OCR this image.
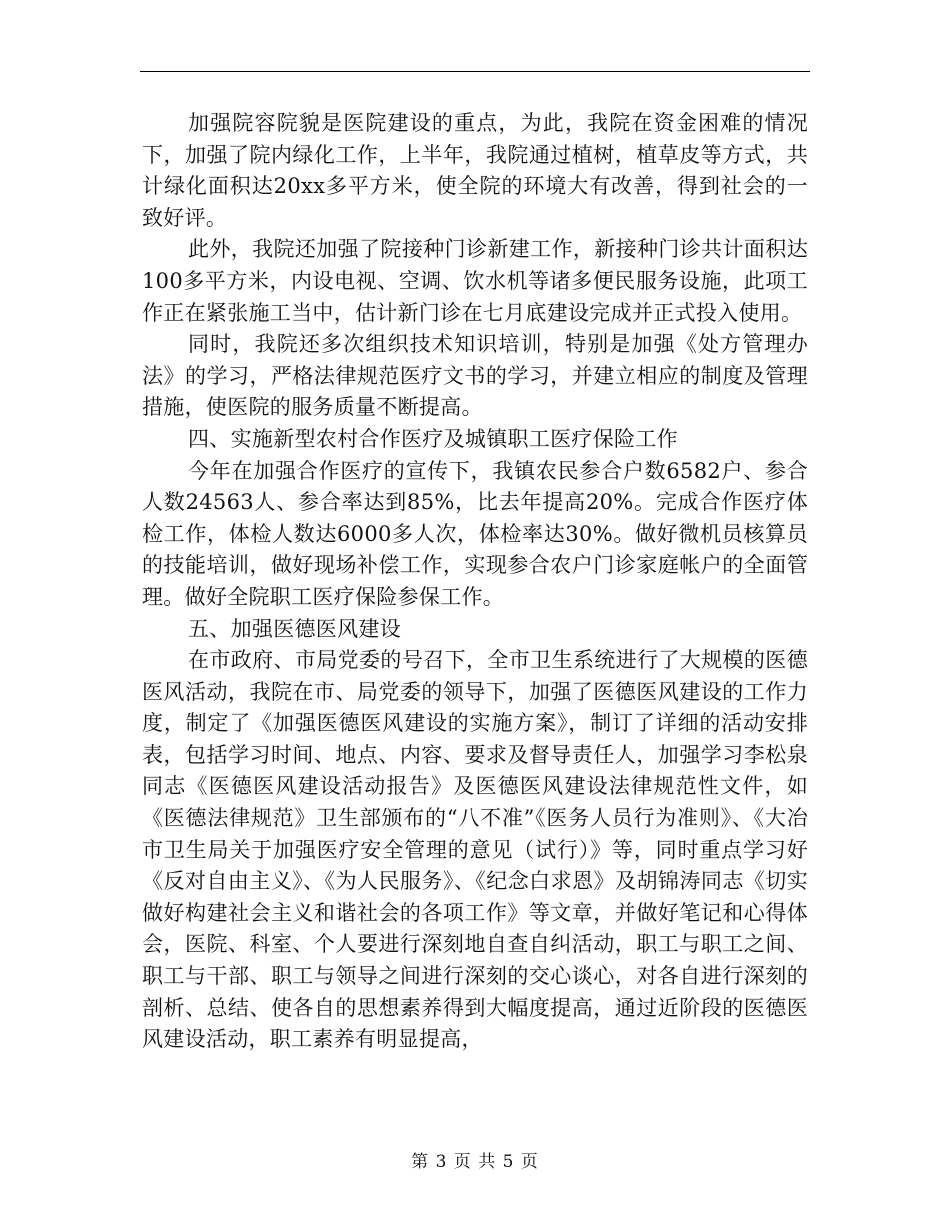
加强院容院貌是医院建设的重点，为此，我院在资金困难的情况下，加强了院内绿化工作，上半年，我院通过植树，植草皮等方式，共计绿化面积达20xx多平方米，使全院的环境大有改善，得到社会的一致好评。

此外，我院还加强了院接种门诊新建工作，新接种门诊共计面积达100多平方米，内设电视、空调、饮水机等诸多便民服务设施，此项工作正在紧张施工当中，估计新门诊在七月底建设完成并正式投入使用。

同时，我院还多次组织技术知识培训，特别是加强《处方管理办法》的学习，严格法律规范医疗文书的学习，并建立相应的制度及管理措施，使医院的服务质量不断提高。

四、实施新型农村合作医疗及城镇职工医疗保险工作

今年在加强合作医疗的宣传下，我镇农民参合户数6582户、参合人数24563人、参合率达到85%，比去年提高20%。完成合作医疗体检工作，体检人数达6000多人次，体检率达30%。做好微机员核算员的技能培训，做好现场补偿工作，实现参合农户门诊家庭帐户的全面管理。做好全院职工医疗保险参保工作。

五、加强医德医风建设

在市政府、市局党委的号召下，全市卫生系统进行了大规模的医德医风活动，我院在市、局党委的领导下，加强了医德医风建设的工作力度，制定了《加强医德医风建设的实施方案》，制订了详细的活动安排表，包括学习时间、地点、内容、要求及督导责任人，加强学习李松泉同志《医德医风建设活动报告》及医德医风建设法律规范性文件，如《医德法律规范》卫生部颁布的“八不准”《医务人员行为准则》、《大冶市卫生局关于加强医疗安全管理的意见（试行）》等，同时重点学习好《反对自由主义》、《为人民服务》、《纪念白求恩》及胡锦涛同志《切实做好构建社会主义和谐社会的各项工作》等文章，并做好笔记和心得体会，医院、科室、个人要进行深刻地自查自纠活动，职工与职工之间、职工与干部、职工与领导之间进行深刻的交心谈心，对各自进行深刻的剖析、总结、使各自的思想素养得到大幅度提高，通过近阶段的医德医风建设活动，职工素养有明显提高，

第 3 页 共 5 页
